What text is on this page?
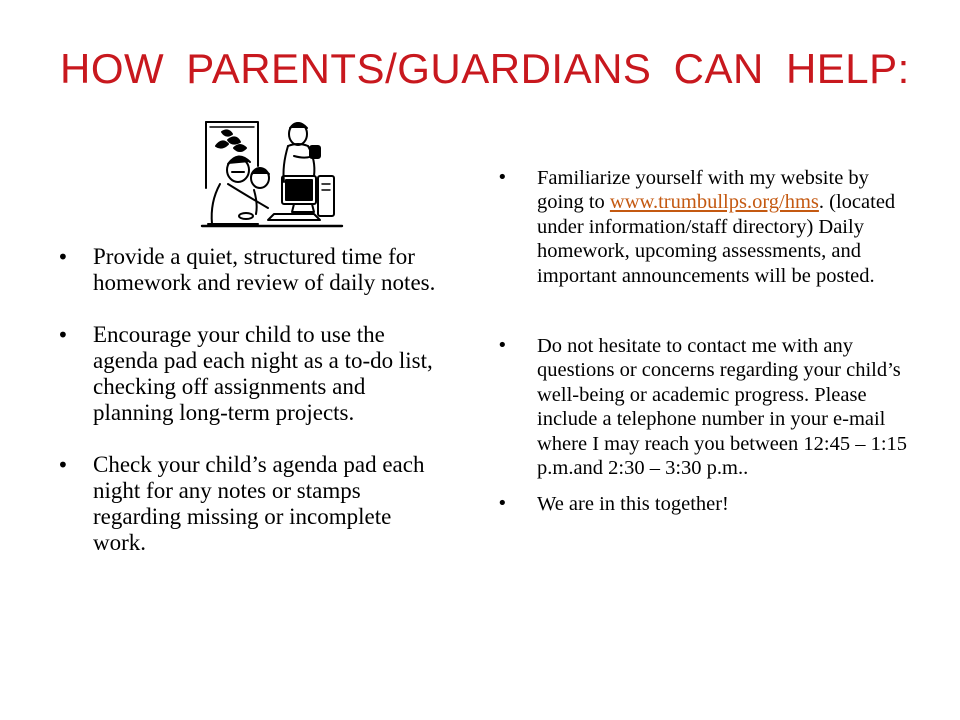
HOW PARENTS/GUARDIANS CAN HELP:
• Provide a quiet, structured time for homework and review of daily notes.
• Encourage your child to use the agenda pad each night as a to-do list, checking off assignments and planning long-term projects.
• Check your child’s agenda pad each night for any notes or stamps regarding missing or incomplete work.
• Familiarize yourself with my website by going to www.trumbullps.org/hms. (located under information/staff directory) Daily homework, upcoming assessments, and important announcements will be posted.
• Do not hesitate to contact me with any questions or concerns regarding your child’s well-being or academic progress. Please include a telephone number in your e-mail where I may reach you between 12:45 – 1:15 p.m.and 2:30 – 3:30 p.m..
• We are in this together!
